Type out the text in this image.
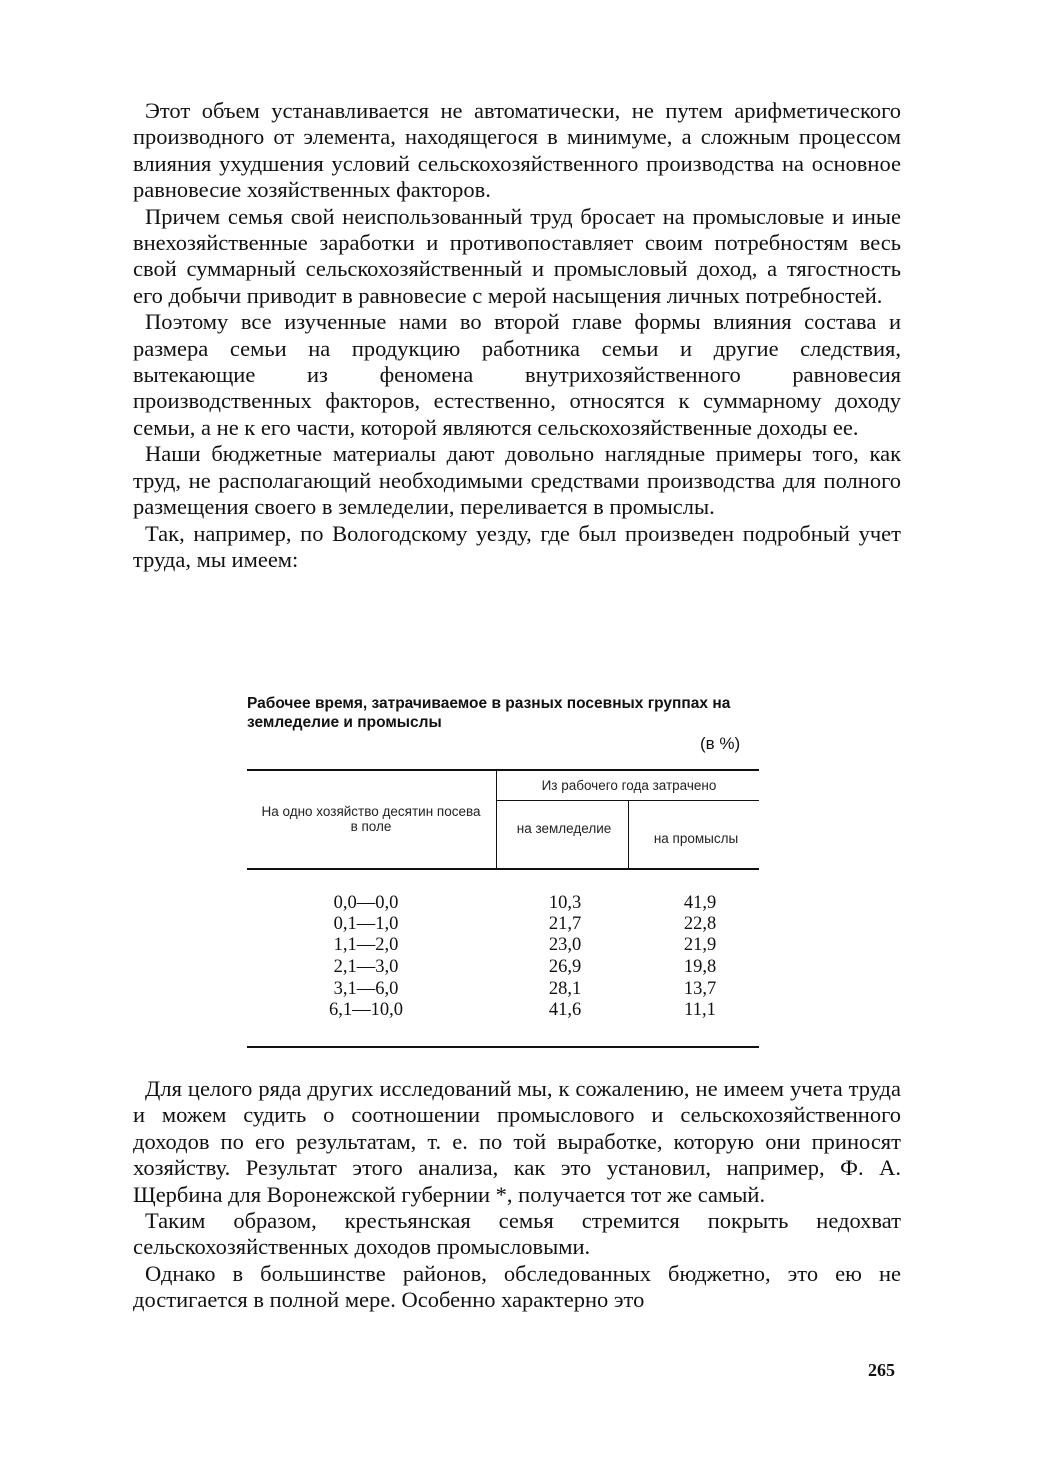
Этот объем устанавливается не автоматически, не путем арифметического производного от элемента, находящегося в минимуме, а сложным процессом влияния ухудшения условий сельскохозяйственного производства на основное равновесие хозяйственных факторов.

Причем семья свой неиспользованный труд бросает на промысловые и иные внехозяйственные заработки и противопоставляет своим потребностям весь свой суммарный сельскохозяйственный и промысловый доход, а тягостность его добычи приводит в равновесие с мерой насыщения личных потребностей.

Поэтому все изученные нами во второй главе формы влияния состава и размера семьи на продукцию работника семьи и другие следствия, вытекающие из феномена внутрихозяйственного равновесия производственных факторов, естественно, относятся к суммарному доходу семьи, а не к его части, которой являются сельскохозяйственные доходы ее.

Наши бюджетные материалы дают довольно наглядные примеры того, как труд, не располагающий необходимыми средствами производства для полного размещения своего в земледелии, переливается в промыслы.

Так, например, по Вологодскому уезду, где был произведен подробный учет труда, мы имеем:

Рабочее время, затрачиваемое в разных посевных группах на земледелие и промыслы
(в %)
На одно хозяйство десятин посева в поле
Из рабочего года затрачено
на земледелие
на промыслы
0,0—0,0	10,3	41,9
0,1—1,0	21,7	22,8
1,1—2,0	23,0	21,9
2,1—3,0	26,9	19,8
3,1—6,0	28,1	13,7
6,1—10,0	41,6	11,1

Для целого ряда других исследований мы, к сожалению, не имеем учета труда и можем судить о соотношении промыслового и сельскохозяйственного доходов по его результатам, т. е. по той выработке, которую они приносят хозяйству. Результат этого анализа, как это установил, например, Ф. А. Щербина для Воронежской губернии *, получается тот же самый.

Таким образом, крестьянская семья стремится покрыть недохват сельскохозяйственных доходов промысловыми.

Однако в большинстве районов, обследованных бюджетно, это ею не достигается в полной мере. Особенно характерно это

265
